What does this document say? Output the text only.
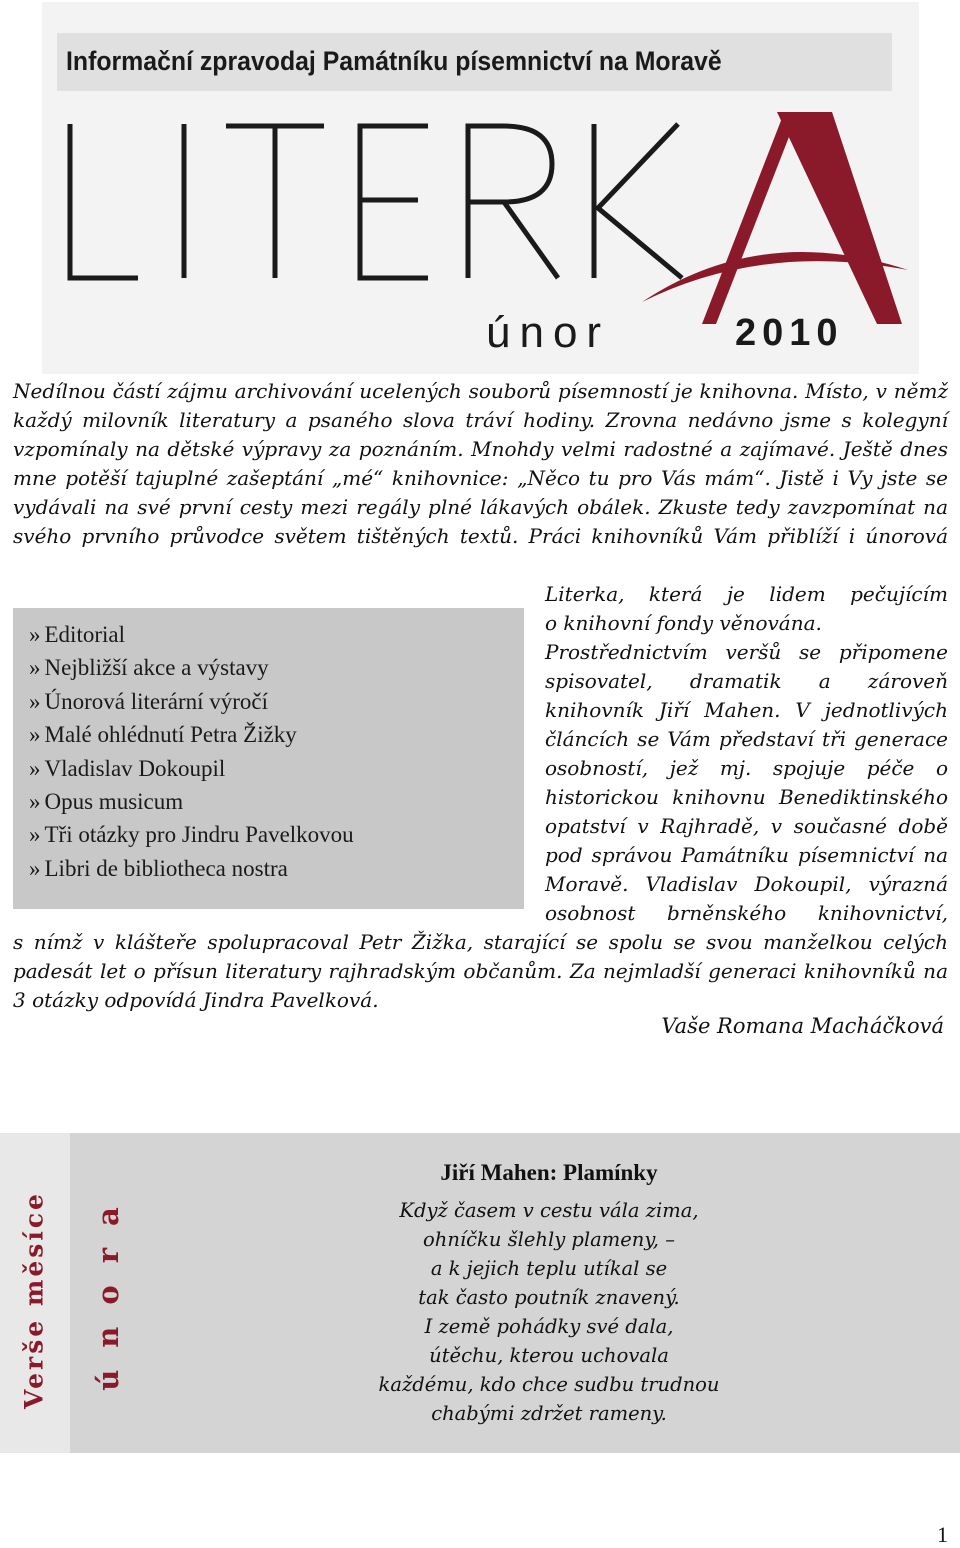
Informační zpravodaj Památníku písemnictví na Moravě
únor	2010
Nedílnou částí zájmu archivování ucelených souborů písemností je knihovna. Místo, v němž
každý milovník literatury a psaného slova tráví hodiny. Zrovna nedávno jsme s kolegyní
vzpomínaly na dětské výpravy za poznáním. Mnohdy velmi radostné a zajímavé. Ještě dnes
mne potěší tajuplné zašeptání „mé“ knihovnice: „Něco tu pro Vás mám“. Jistě i Vy jste se
vydávali na své první cesty mezi regály plné lákavých obálek. Zkuste tedy zavzpomínat na
svého prvního průvodce světem tištěných textů. Práci knihovníků Vám přiblíží i únorová
Literka, která je lidem pečujícím
o knihovní fondy věnována.
Prostřednictvím veršů se připomene
spisovatel, dramatik a zároveň
knihovník Jiří Mahen. V jednotlivých
článcích se Vám představí tři generace
osobností, jež mj. spojuje péče o
historickou knihovnu Benediktinského
opatství v Rajhradě, v současné době
pod správou Památníku písemnictví na
Moravě. Vladislav Dokoupil, výrazná
osobnost brněnského knihovnictví,
s nímž v klášteře spolupracoval Petr Žižka, starající se spolu se svou manželkou celých
padesát let o přísun literatury rajhradským občanům. Za nejmladší generaci knihovníků na
3 otázky odpovídá Jindra Pavelková.
Vaše Romana Macháčková
» Editorial
» Nejbližší akce a výstavy
» Únorová literární výročí
» Malé ohlédnutí Petra Žižky
» Vladislav Dokoupil
» Opus musicum
» Tři otázky pro Jindru Pavelkovou
» Libri de bibliotheca nostra
Verše měsíce února
Jiří Mahen: Plamínky
Když časem v cestu vála zima,
ohníčku šlehly plameny, –
a k jejich teplu utíkal se
tak často poutník znavený.
I země pohádky své dala,
útěchu, kterou uchovala
každému, kdo chce sudbu trudnou
chabými zdržet rameny.
1
